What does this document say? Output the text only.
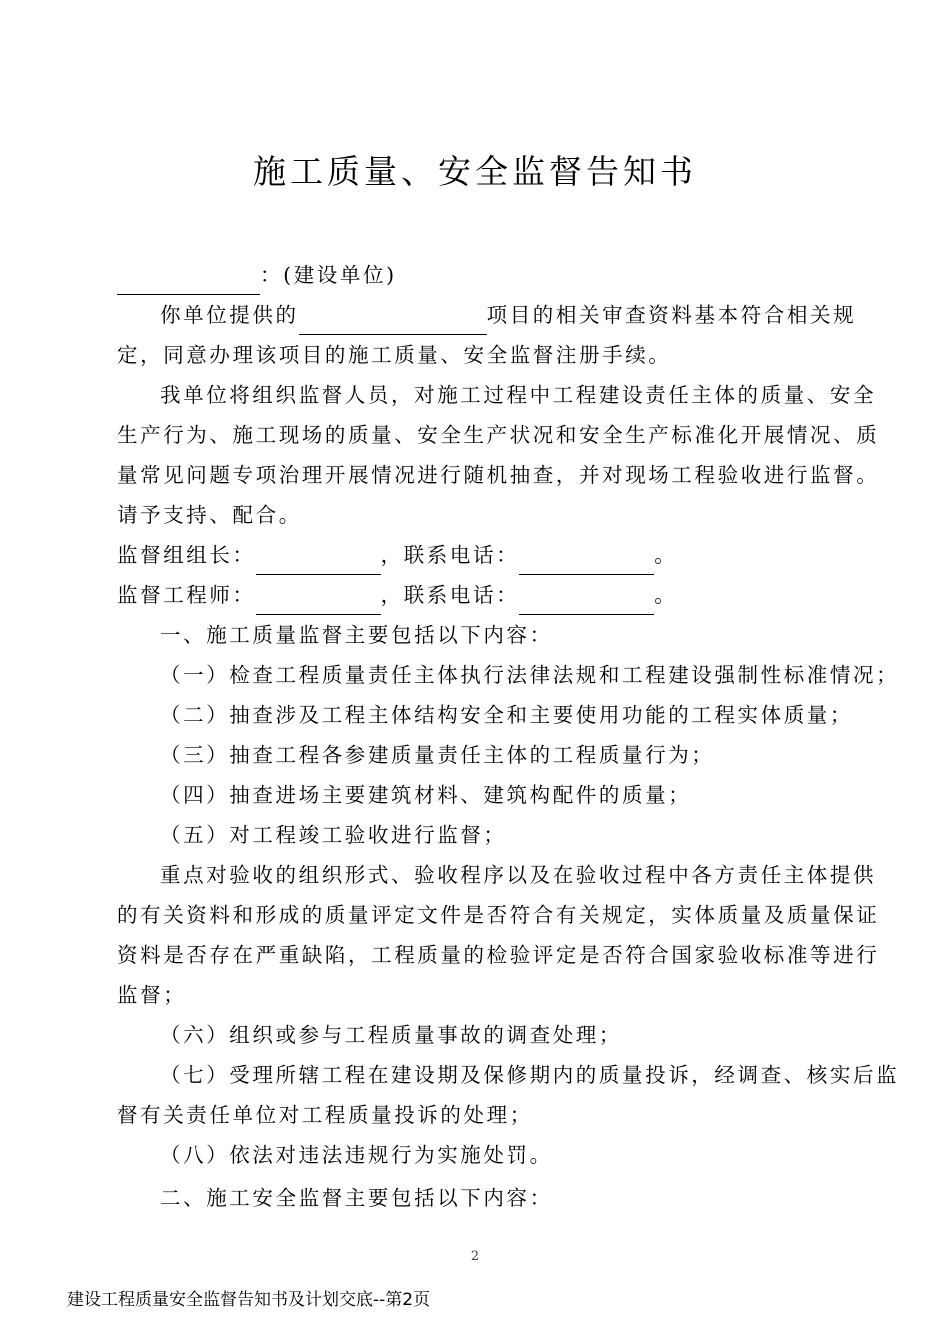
施工质量、安全监督告知书
：(建设单位)
你单位提供的	项目的相关审查资料基本符合相关规
定，同意办理该项目的施工质量、安全监督注册手续。
我单位将组织监督人员，对施工过程中工程建设责任主体的质量、安全
生产行为、施工现场的质量、安全生产状况和安全生产标准化开展情况、质
量常见问题专项治理开展情况进行随机抽查，并对现场工程验收进行监督。
请予支持、配合。
监督组组长：	，联系电话：	。
监督工程师：	，联系电话：	。
一、施工质量监督主要包括以下内容：
（一）检查工程质量责任主体执行法律法规和工程建设强制性标准情况；
（二）抽查涉及工程主体结构安全和主要使用功能的工程实体质量；
（三）抽查工程各参建质量责任主体的工程质量行为；
（四）抽查进场主要建筑材料、建筑构配件的质量；
（五）对工程竣工验收进行监督；
重点对验收的组织形式、验收程序以及在验收过程中各方责任主体提供
的有关资料和形成的质量评定文件是否符合有关规定，实体质量及质量保证
资料是否存在严重缺陷，工程质量的检验评定是否符合国家验收标准等进行
监督；
（六）组织或参与工程质量事故的调查处理；
（七）受理所辖工程在建设期及保修期内的质量投诉，经调查、核实后监
督有关责任单位对工程质量投诉的处理；
（八）依法对违法违规行为实施处罚。
二、施工安全监督主要包括以下内容：
2
建设工程质量安全监督告知书及计划交底--第2页
